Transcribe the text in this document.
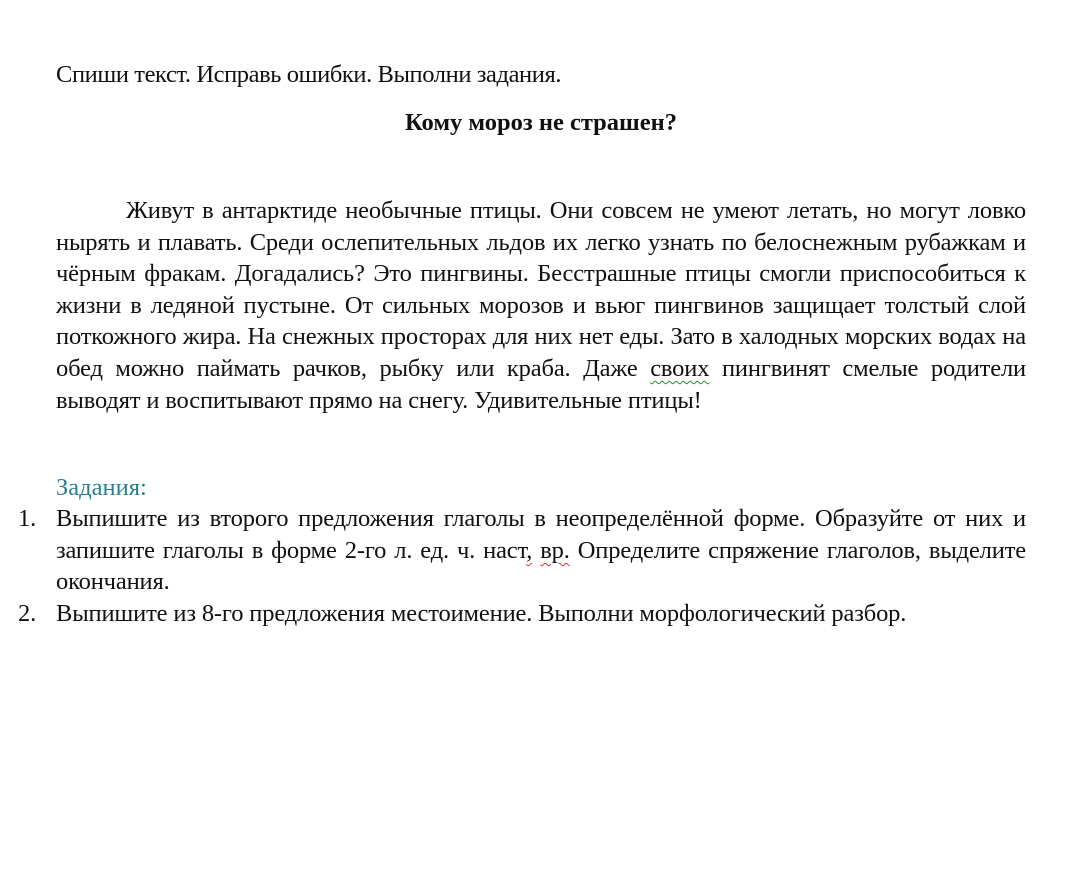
Спиши текст. Исправь ошибки. Выполни задания.

Кому мороз не страшен?

Живут в антарктиде необычные птицы. Они совсем не умеют летать, но могут ловко нырять и плавать. Среди ослепительных льдов их легко узнать по белоснежным рубажкам и чёрным фракам. Догадались? Это пингвины. Бесстрашные птицы смогли приспособиться к жизни в ледяной пустыне. От сильных морозов и вьюг пингвинов защищает толстый слой поткожного жира. На снежных просторах для них нет еды. Зато в халодных морских водах на обед можно паймать рачков, рыбку или краба. Даже своих пингвинят смелые родители выводят и воспитывают прямо на снегу. Удивительные птицы!

Задания:

1. Выпишите из второго предложения глаголы в неопределённой форме. Образуйте от них и запишите глаголы в форме 2-го л. ед. ч. наст, вр. Определите спряжение глаголов, выделите окончания.
2. Выпишите из 8-го предложения местоимение. Выполни морфологический разбор.
